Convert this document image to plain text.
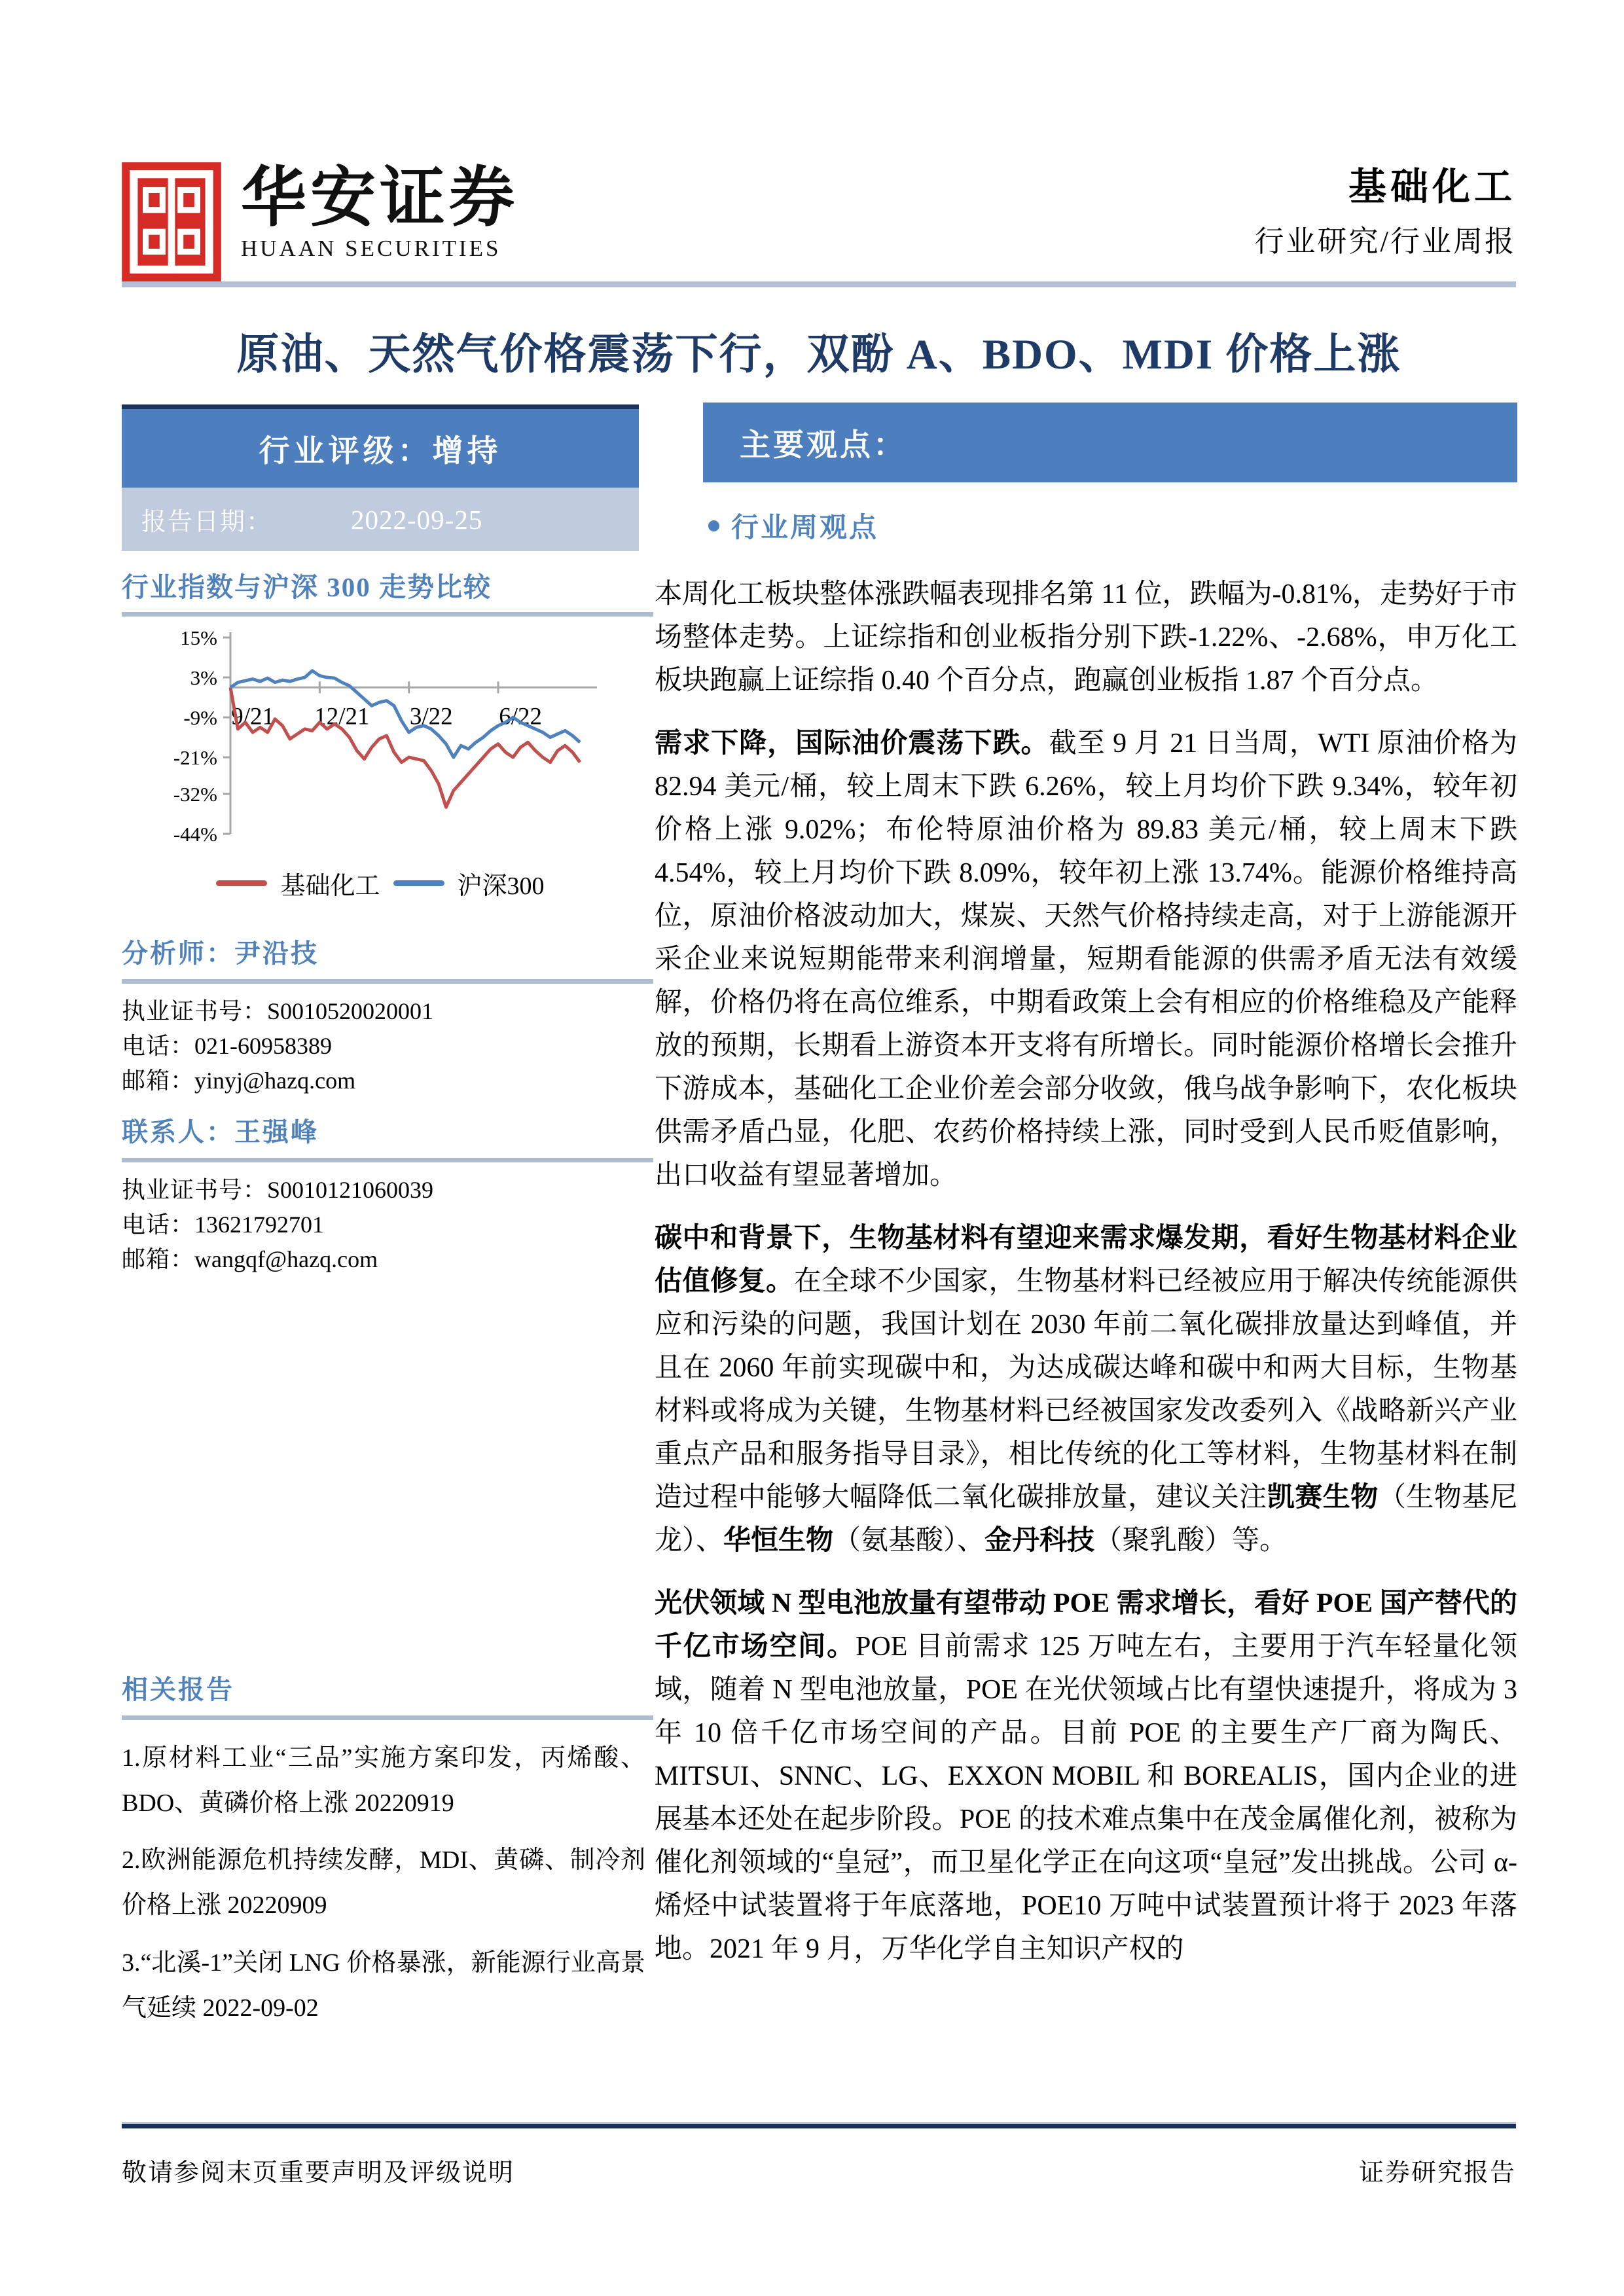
华安证券
HUAAN SECURITIES
基础化工
行业研究/行业周报
原油、天然气价格震荡下行，双酚 A、BDO、MDI 价格上涨
行业评级：增持
报告日期：	2022-09-25
行业指数与沪深 300 走势比较
15%
3%
-9%
-21%
-32%
-44%
9/21 12/21 3/22 6/22
基础化工	沪深300
分析师：尹沿技
执业证书号：S0010520020001
电话：021-60958389
邮箱：yinyj@hazq.com
联系人：王强峰
执业证书号：S0010121060039
电话：13621792701
邮箱：wangqf@hazq.com
相关报告

1.原材料工业“三品”实施方案印发，丙烯酸、BDO、黄磷价格上涨 20220919

2.欧洲能源危机持续发酵，MDI、黄磷、制冷剂价格上涨 20220909

3.“北溪-1”关闭 LNG 价格暴涨，新能源行业高景气延续 2022-09-02

主要观点：
行业周观点

本周化工板块整体涨跌幅表现排名第 11 位，跌幅为-0.81%，走势好于市场整体走势。上证综指和创业板指分别下跌-1.22%、-2.68%，申万化工板块跑赢上证综指 0.40 个百分点，跑赢创业板指 1.87 个百分点。

需求下降，国际油价震荡下跌。截至 9 月 21 日当周，WTI 原油价格为 82.94 美元/桶，较上周末下跌 6.26%，较上月均价下跌 9.34%，较年初价格上涨 9.02%；布伦特原油价格为 89.83 美元/桶，较上周末下跌 4.54%，较上月均价下跌 8.09%，较年初上涨 13.74%。能源价格维持高位，原油价格波动加大，煤炭、天然气价格持续走高，对于上游能源开采企业来说短期能带来利润增量，短期看能源的供需矛盾无法有效缓解，价格仍将在高位维系，中期看政策上会有相应的价格维稳及产能释放的预期，长期看上游资本开支将有所增长。同时能源价格增长会推升下游成本，基础化工企业价差会部分收敛，俄乌战争影响下，农化板块供需矛盾凸显，化肥、农药价格持续上涨，同时受到人民币贬值影响，出口收益有望显著增加。

碳中和背景下，生物基材料有望迎来需求爆发期，看好生物基材料企业估值修复。在全球不少国家，生物基材料已经被应用于解决传统能源供应和污染的问题，我国计划在 2030 年前二氧化碳排放量达到峰值，并且在 2060 年前实现碳中和，为达成碳达峰和碳中和两大目标，生物基材料或将成为关键，生物基材料已经被国家发改委列入《战略新兴产业重点产品和服务指导目录》，相比传统的化工等材料，生物基材料在制造过程中能够大幅降低二氧化碳排放量，建议关注凯赛生物（生物基尼龙）、华恒生物（氨基酸）、金丹科技（聚乳酸）等。

光伏领域 N 型电池放量有望带动 POE 需求增长，看好 POE 国产替代的千亿市场空间。POE 目前需求 125 万吨左右，主要用于汽车轻量化领域，随着 N 型电池放量，POE 在光伏领域占比有望快速提升，将成为 3 年 10 倍千亿市场空间的产品。目前 POE 的主要生产厂商为陶氏、MITSUI、SNNC、LG、EXXON MOBIL 和 BOREALIS，国内企业的进展基本还处在起步阶段。POE 的技术难点集中在茂金属催化剂，被称为催化剂领域的“皇冠”，而卫星化学正在向这项“皇冠”发出挑战。公司 α-烯烃中试装置将于年底落地，POE10 万吨中试装置预计将于 2023 年落地。2021 年 9 月，万华化学自主知识产权的

敬请参阅末页重要声明及评级说明	证券研究报告
